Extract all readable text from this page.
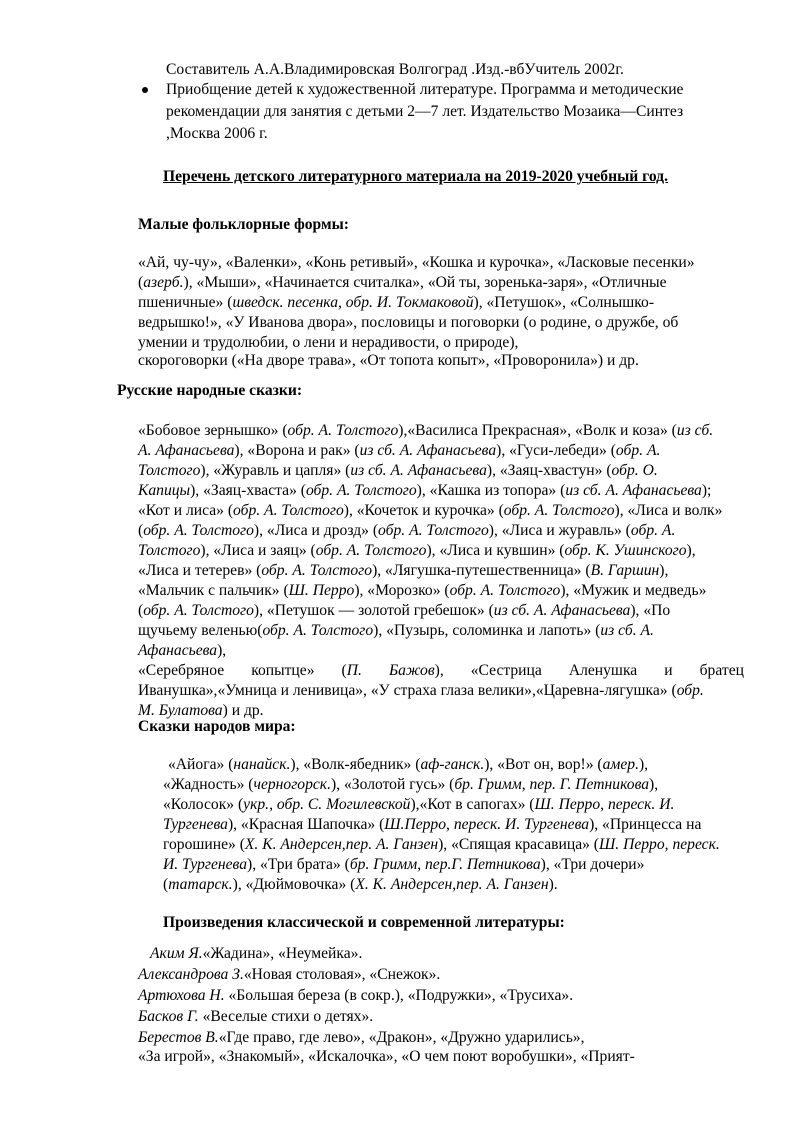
Составитель А.А.Владимировская Волгоград .Изд.-вбУчитель 2002г.
Приобщение детей к художественной литературе. Программа и методические
рекомендации для занятия с детьми 2—7 лет. Издательство Мозаика—Синтез
,Москва 2006 г.
Перечень детского литературного материала на 2019-2020 учебный год.
Малые фольклорные формы:
«Ай, чу-чу», «Валенки», «Конь ретивый», «Кошка и курочка», «Ласковые песенки»
(азерб.), «Мыши», «Начинается считалка», «Ой ты, зоренька-заря», «Отличные
пшеничные» (шведск. песенка, обр. И. Токмаковой), «Петушок», «Солнышко-
ведрышко!», «У Иванова двора», пословицы и поговорки (о родине, о дружбе, об
умении и трудолюбии, о лени и нерадивости, о природе),
скороговорки («На дворе трава», «От топота копыт», «Проворонила») и др.
Русские народные сказки:
«Бобовое зернышко» (обр. А. Толстого),«Василиса Прекрасная», «Волк и коза» (из сб.
А. Афанасьева), «Ворона и рак» (из сб. А. Афанасьева), «Гуси-лебеди» (обр. А.
Толстого), «Журавль и цапля» (из сб. А. Афанасьева), «Заяц-хвастун» (обр. О.
Капицы), «Заяц-хваста» (обр. А. Толстого), «Кашка из топора» (из сб. А. Афанасьева);
«Кот и лиса» (обр. А. Толстого), «Кочеток и курочка» (обр. А. Толстого), «Лиса и волк»
(обр. А. Толстого), «Лиса и дрозд» (обр. А. Толстого), «Лиса и журавль» (обр. А.
Толстого), «Лиса и заяц» (обр. А. Толстого), «Лиса и кувшин» (обр. К. Ушинского),
«Лиса и тетерев» (обр. А. Толстого), «Лягушка-путешественница» (В. Гаршин),
«Мальчик с пальчик» (Ш. Перро), «Морозко» (обр. А. Толстого), «Мужик и медведь»
(обр. А. Толстого), «Петушок — золотой гребешок» (из сб. А. Афанасьева), «По
щучьему веленью(обр. А. Толстого), «Пузырь, соломинка и лапоть» (из сб. А.
Афанасьева),
«Серебряное копытце» (П. Бажов), «Сестрица Аленушка и братец
Иванушка»,«Умница и ленивица», «У страха глаза велики»,«Царевна-лягушка» (обр.
М. Булатова) и др.
Сказки народов мира:
«Айога» (нанайск.), «Волк-ябедник» (аф-ганск.), «Вот он, вор!» (амер.),
«Жадность» (черногорск.), «Золотой гусь» (бр. Гримм, пер. Г. Петникова),
«Колосок» (укр., обр. С. Могилевской),«Кот в сапогах» (Ш. Перро, переск. И.
Тургенева), «Красная Шапочка» (Ш.Перро, переск. И. Тургенева), «Принцесса на
горошине» (Х. К. Андерсен,пер. А. Ганзен), «Спящая красавица» (Ш. Перро, переск.
И. Тургенева), «Три брата» (бр. Гримм, пер.Г. Петникова), «Три дочери»
(татарск.), «Дюймовочка» (Х. К. Андерсен,пер. А. Ганзен).
Произведения классической и современной литературы:
Аким Я.«Жадина», «Неумейка».
Александрова З.«Новая столовая», «Снежок».
Артюхова Н. «Большая береза (в сокр.), «Подружки», «Трусиха».
Басков Г. «Веселые стихи о детях».
Берестов В.«Где право, где лево», «Дракон», «Дружно ударились»,
«За игрой», «Знакомый», «Искалочка», «О чем поют воробушки», «Прият-
